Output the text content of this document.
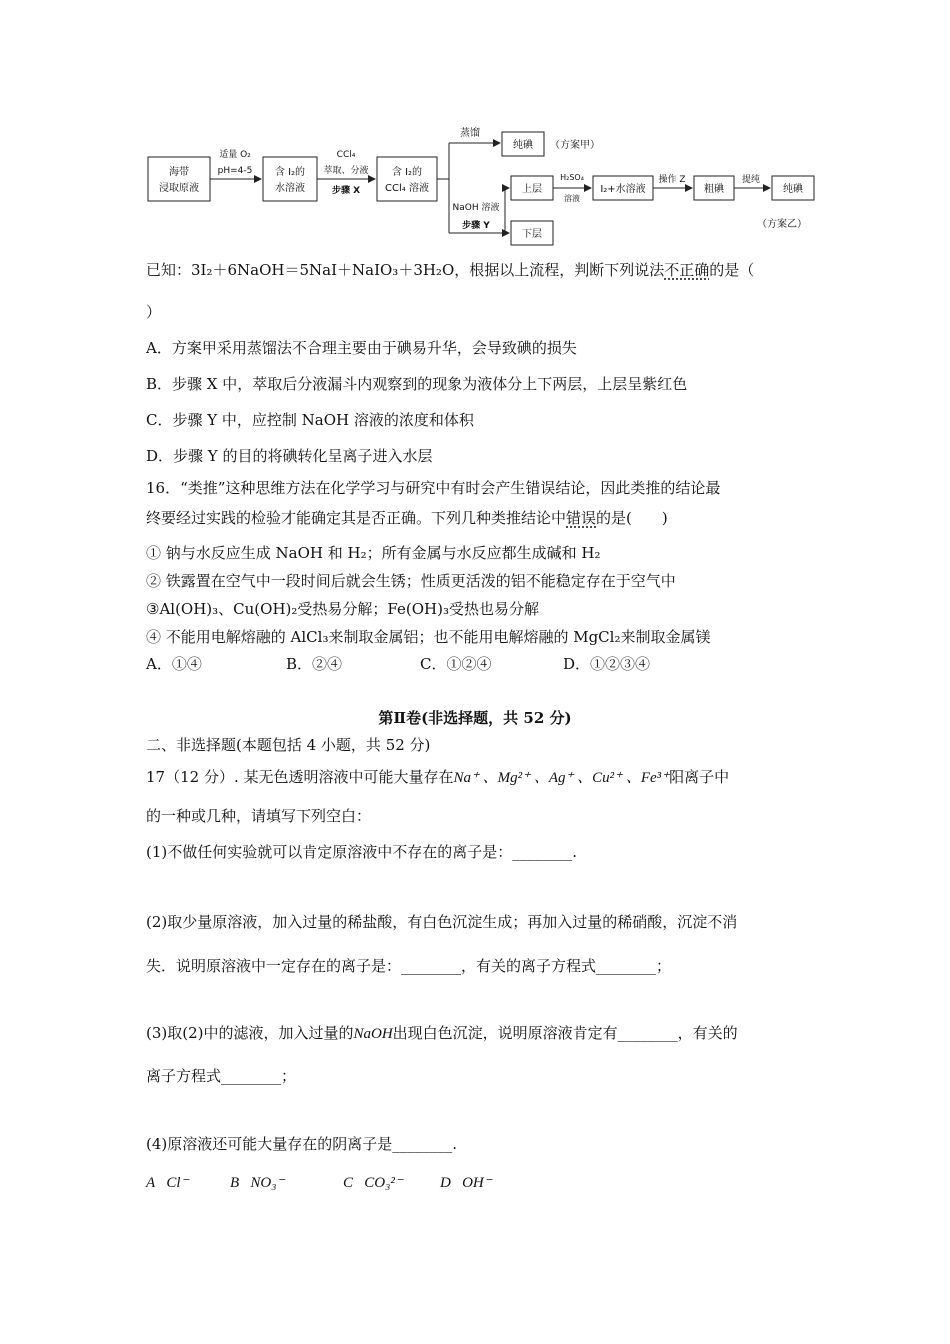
海带
浸取原液
适量 O₂
pH=4-5 含 I₂的
水溶液
CCl₄
萃取、分液
步骤 X
含 I₂的
CCl₄ 溶液
蒸馏
纯碘 （方案甲）
NaOH 溶液
步骤 Y
上层
H₂SO₄
溶液
I₂+水溶液
操作 Z
粗碘
提纯
纯碘
下层
（方案乙）
已知：3I₂＋6NaOH＝5NaI＋NaIO₃＋3H₂O，根据以上流程，判断下列说法不正确的是（
）
A．方案甲采用蒸馏法不合理主要由于碘易升华，会导致碘的损失
B．步骤 X 中，萃取后分液漏斗内观察到的现象为液体分上下两层，上层呈紫红色
C．步骤 Y 中，应控制 NaOH 溶液的浓度和体积
D．步骤 Y 的目的将碘转化呈离子进入水层
16．“类推”这种思维方法在化学学习与研究中有时会产生错误结论，因此类推的结论最
终要经过实践的检验才能确定其是否正确。下列几种类推结论中错误的是(　　)
① 钠与水反应生成 NaOH 和 H₂；所有金属与水反应都生成碱和 H₂
② 铁露置在空气中一段时间后就会生锈；性质更活泼的铝不能稳定存在于空气中
③Al(OH)₃、Cu(OH)₂受热易分解；Fe(OH)₃受热也易分解
④ 不能用电解熔融的 AlCl₃来制取金属铝；也不能用电解熔融的 MgCl₂来制取金属镁
A．①④	B．②④	C．①②④	D．①②③④
第Ⅱ卷(非选择题，共 52 分)
二、非选择题(本题包括 4 小题，共 52 分)
17（12 分）. 某无色透明溶液中可能大量存在Na⁺ 、Mg²⁺ 、Ag⁺ 、Cu²⁺ 、Fe³⁺阳离子中
的一种或几种，请填写下列空白：
(1)不做任何实验就可以肯定原溶液中不存在的离子是：________.
(2)取少量原溶液，加入过量的稀盐酸，有白色沉淀生成；再加入过量的稀硝酸，沉淀不消
失．说明原溶液中一定存在的离子是：________，有关的离子方程式________；
(3)取(2)中的滤液，加入过量的NaOH出现白色沉淀，说明原溶液肯定有________，有关的
离子方程式________；
(4)原溶液还可能大量存在的阴离子是________.
A Cl⁻	B NO₃⁻	C CO₃²⁻ D OH⁻
